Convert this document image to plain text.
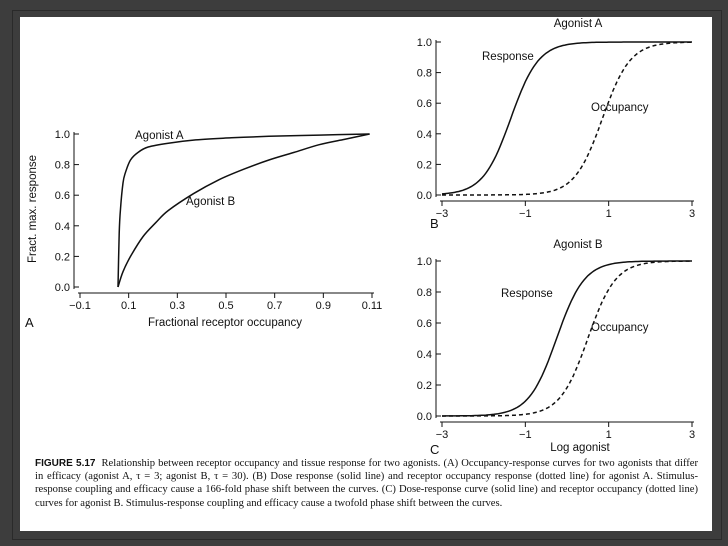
0.0
0.2
0.4
0.6
0.8
1.0
−0.1	0.1	0.3	0.5	0.7	0.9	0.11
Agonist A
Agonist B
Fractional receptor occupancy
Fract. max. response
A
0.0
0.2
0.4
0.6
0.8
1.0
−3	−1	1	3
Response
Occupancy
Agonist A
B
0.0
0.2
0.4
0.6
0.8
1.0
−3	−1	1	3
Response
Occupancy
Agonist B
Log agonist
C
FIGURE 5.17 Relationship between receptor occupancy and tissue response for two agonists. (A) Occupancy-response curves for two agonists that differ in efficacy (agonist A, τ = 3; agonist B, τ = 30). (B) Dose response (solid line) and receptor occupancy response (dotted line) for agonist A. Stimulus-response coupling and efficacy cause a 166-fold phase shift between the curves. (C) Dose-response curve (solid line) and receptor occupancy (dotted line) curves for agonist B. Stimulus-response coupling and efficacy cause a twofold phase shift between the curves.
